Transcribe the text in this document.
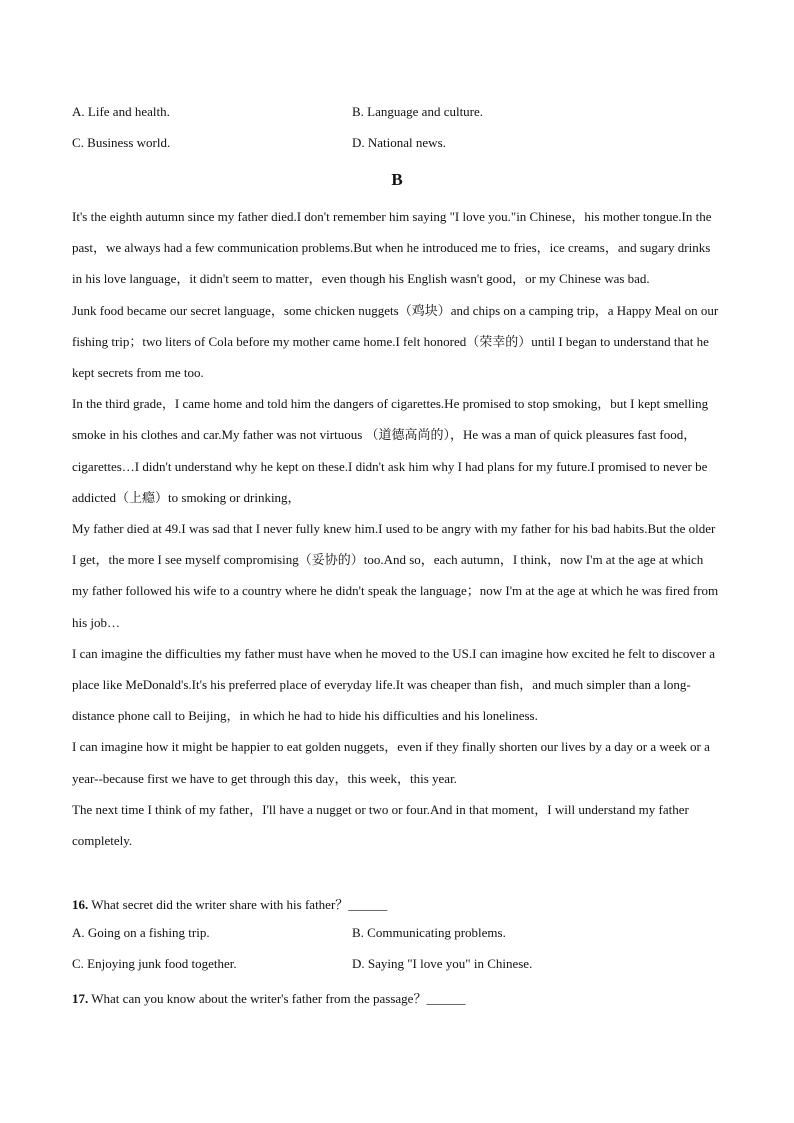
A. Life and health.	B. Language and culture.
C. Business world.	D. National news.
B

It's the eighth autumn since my father died.I don't remember him saying "I love you."in Chinese，his mother tongue.In the past，we always had a few communication problems.But when he introduced me to fries，ice creams，and sugary drinks in his love language，it didn't seem to matter，even though his English wasn't good，or my Chinese was bad.

Junk food became our secret language，some chicken nuggets（鸡块）and chips on a camping trip，a Happy Meal on our fishing trip；two liters of Cola before my mother came home.I felt honored（荣幸的）until I began to understand that he kept secrets from me too.

In the third grade，I came home and told him the dangers of cigarettes.He promised to stop smoking，but I kept smelling smoke in his clothes and car.My father was not virtuous （道德高尚的），He was a man of quick pleasures fast food，cigarettes…I didn't understand why he kept on these.I didn't ask him why I had plans for my future.I promised to never be addicted（上瘾）to smoking or drinking，

My father died at 49.I was sad that I never fully knew him.I used to be angry with my father for his bad habits.But the older I get，the more I see myself compromising（妥协的）too.And so，each autumn，I think，now I'm at the age at which my father followed his wife to a country where he didn't speak the language；now I'm at the age at which he was fired from his job…

I can imagine the difficulties my father must have when he moved to the US.I can imagine how excited he felt to discover a place like MeDonald's.It's his preferred place of everyday life.It was cheaper than fish，and much simpler than a long-distance phone call to Beijing，in which he had to hide his difficulties and his loneliness.

I can imagine how it might be happier to eat golden nuggets，even if they finally shorten our lives by a day or a week or a year--because first we have to get through this day，this week，this year.

The next time I think of my father，I'll have a nugget or two or four.And in that moment，I will understand my father completely.

16. What secret did the writer share with his father？______
A. Going on a fishing trip.	B. Communicating problems.
C. Enjoying junk food together.	D. Saying "I love you" in Chinese.
17. What can you know about the writer's father from the passage？______
